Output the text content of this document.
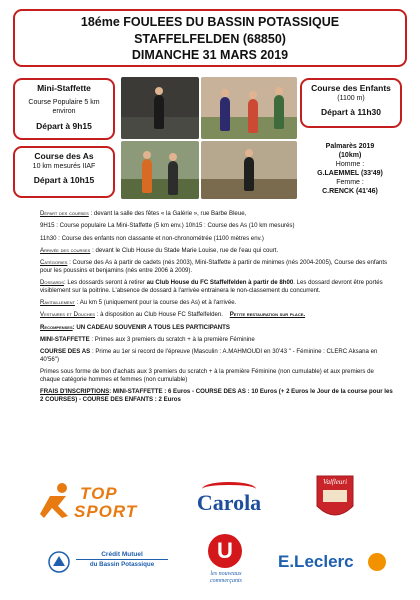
18éme FOULEES DU BASSIN POTASSIQUE
STAFFELFELDEN (68850)
DIMANCHE 31 MARS 2019
Mini-Staffette
Course Populaire 5 km environ
Départ à 9h15
Course des As
10 km mesurés IIAF
Départ à 10h15
Course des Enfants
(1100 m)
Départ à 11h30
Palmarès 2019
(10km)
Homme :
G.LAEMMEL (33'49)
Femme :
C.RENCK (41'46)

Départ des courses : devant la salle des fêtes « la Galérie », rue Barbe Bleue,

9H15 : Course populaire La Mini-Staffette (5 km env.) 10h15 : Course des As (10 km mesurés)

11h30 : Course des enfants non classante et non-chronométrée (1100 mètres env.)

Arrivée des courses : devant le Club House du Stade Marie Louise, rue de l'eau qui court.

Catégories : Course des As à partir de cadets (nés 2003), Mini-Staffette à partir de minimes (nés 2004-2005), Course des enfants pour les poussins et benjamins (nés entre 2006 à 2009).

Dossards: Les dossards seront à retirer au Club House du FC Staffelfelden à partir de 8h00. Les dossard devront être portés visiblement sur la poitrine. L'absence de dossard à l'arrivée entrainera le non-classement du concurrent.

Ravitaillement : Au km 5 (uniquement pour la course des As) et à l'arrivée.

Vestiaires et Douches : à disposition au Club House FC Staffelfelden. Petite restauration sur place.

Recompenses: UN CADEAU SOUVENIR A TOUS LES PARTICIPANTS

MINI-STAFFETTE : Primes aux 3 premiers du scratch + à la première Féminine

COURSE DES AS : Prime au 1er si record de l'épreuve (Masculin : A.MAHMOUDI en 30'43 '' - Féminine : CLERC Aksana en 40'56'')

Primes sous forme de bon d'achats aux 3 premiers du scratch + à la première Féminine (non cumulable) et aux premiers de chaque catégorie hommes et femmes (non cumulable)

FRAIS D'INSCRIPTIONS: MINI-STAFFETTE : 6 Euros - COURSE DES AS : 10 Euros (+ 2 Euros le Jour de la course pour les 2 COURSES) - COURSE DES ENFANTS : 2 Euros

TOP
SPORT	Carola
Valfleuri
Crédit Mutuel
du Bassin Potassique
U
les nouveaux commerçants
E.Leclerc
